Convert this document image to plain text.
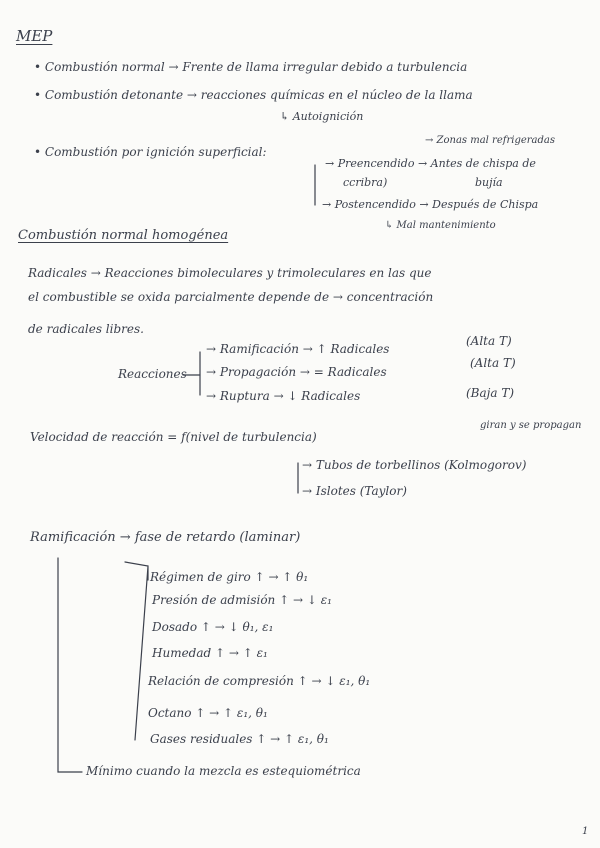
MEP
• Combustión normal → Frente de llama irregular debido a turbulencia
• Combustión detonante → reacciones químicas en el núcleo de la llama
↳ Autoignición
• Combustión por ignición superficial:
→ Zonas mal refrigeradas
→ Preencendido → Antes de chispa de
ccribra)	bujía
→ Postencendido → Después de Chispa
↳ Mal mantenimiento
Combustión normal homogénea
Radicales → Reacciones bimoleculares y trimoleculares en las que
el combustible se oxida parcialmente depende de → concentración
de radicales libres.
Reacciones
→ Ramificación → ↑ Radicales
(Alta T)
→ Propagación → = Radicales
(Alta T)
→ Ruptura → ↓ Radicales	(Baja T)
Velocidad de reacción = f(nivel de turbulencia)
giran y se propagan
→ Tubos de torbellinos (Kolmogorov)
→ Islotes (Taylor)
Ramificación → fase de retardo (laminar)
Régimen de giro ↑ → ↑ θ₁
Presión de admisión ↑ → ↓ ε₁
Dosado ↑ → ↓ θ₁, ε₁
Humedad ↑ → ↑ ε₁
Relación de compresión ↑ → ↓ ε₁, θ₁
Octano ↑ → ↑ ε₁, θ₁
Gases residuales ↑ → ↑ ε₁, θ₁
Mínimo cuando la mezcla es estequiométrica
1
